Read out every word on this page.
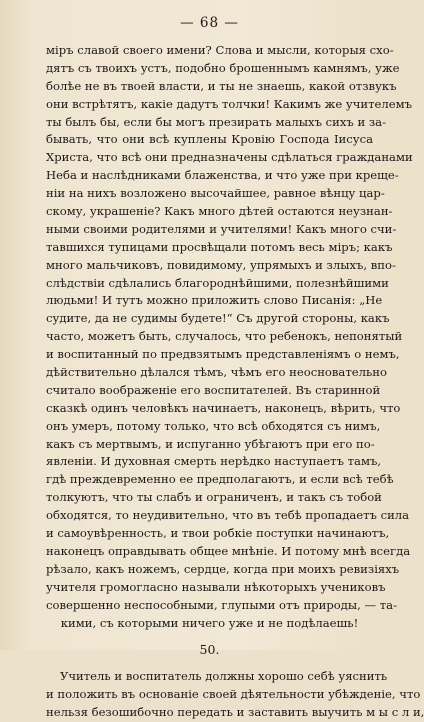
— 68 —
міръ славой своего имени? Слова и мысли, которыя схо-
дятъ съ твоихъ устъ, подобно брошеннымъ камнямъ, уже
болѣе не въ твоей власти, и ты не знаешь, какой отзвукъ
они встрѣтятъ, какіе дадутъ толчки! Какимъ же учителемъ
ты былъ бы, если бы могъ презирать малыхъ сихъ и за-
бывать, что они всѣ куплены Кровію Господа Іисуса
Христа, что всѣ они предназначены сдѣлаться гражданами
Неба и наслѣдниками блаженства, и что уже при крещe-
ніи на нихъ возложено высочайшее, равное вѣнцу цар-
скому, украшеніе? Какъ много дѣтей остаются неузнан-
ными своими родителями и учителями! Какъ много счи-
тавшихся тупицами просвѣщали потомъ весь міръ; какъ
много мальчиковъ, повидимому, упрямыхъ и злыхъ, впо-
слѣдствіи сдѣлались благороднѣйшими, полезнѣйшими
людьми! И тутъ можно приложить слово Писанія: „Не
судите, да не судимы будете!“ Съ другой стороны, какъ
часто, можетъ быть, случалось, что ребенокъ, непонятый
и воспитанный по предвзятымъ представленіямъ о немъ,
дѣйствительно дѣлался тѣмъ, чѣмъ его неосновательно
считало воображеніе его воспитателей. Въ старинной
сказкѣ одинъ человѣкъ начинаетъ, наконецъ, вѣрить, что
онъ умеръ, потому только, что всѣ обходятся съ нимъ,
какъ съ мертвымъ, и испуганно убѣгаютъ при его по-
явленіи. И духовная смерть нерѣдко наступаетъ тамъ,
гдѣ преждевременно ее предполагаютъ, и если всѣ тебѣ
толкуютъ, что ты слабъ и ограниченъ, и такъ съ тобой
обходятся, то неудивительно, что въ тебѣ пропадаетъ сила
и самоувѣренность, и твои робкіе поступки начинаютъ,
наконецъ оправдывать общее мнѣніе. И потому мнѣ всегда
рѣзало, какъ ножемъ, сердце, когда при моихъ ревизіяхъ
учителя громогласно называли нѣкоторыхъ учениковъ
совершенно неспособными, глупыми отъ природы, — та-
кими, съ которыми ничего уже и не подѣлаешь!
50.
Учитель и воспитатель должны хорошо себѣ уяснить
и положить въ основаніе своей дѣятельности убѣжденіе, что
нельзя безошибочно передать и заставить выучить м ы с л и,
